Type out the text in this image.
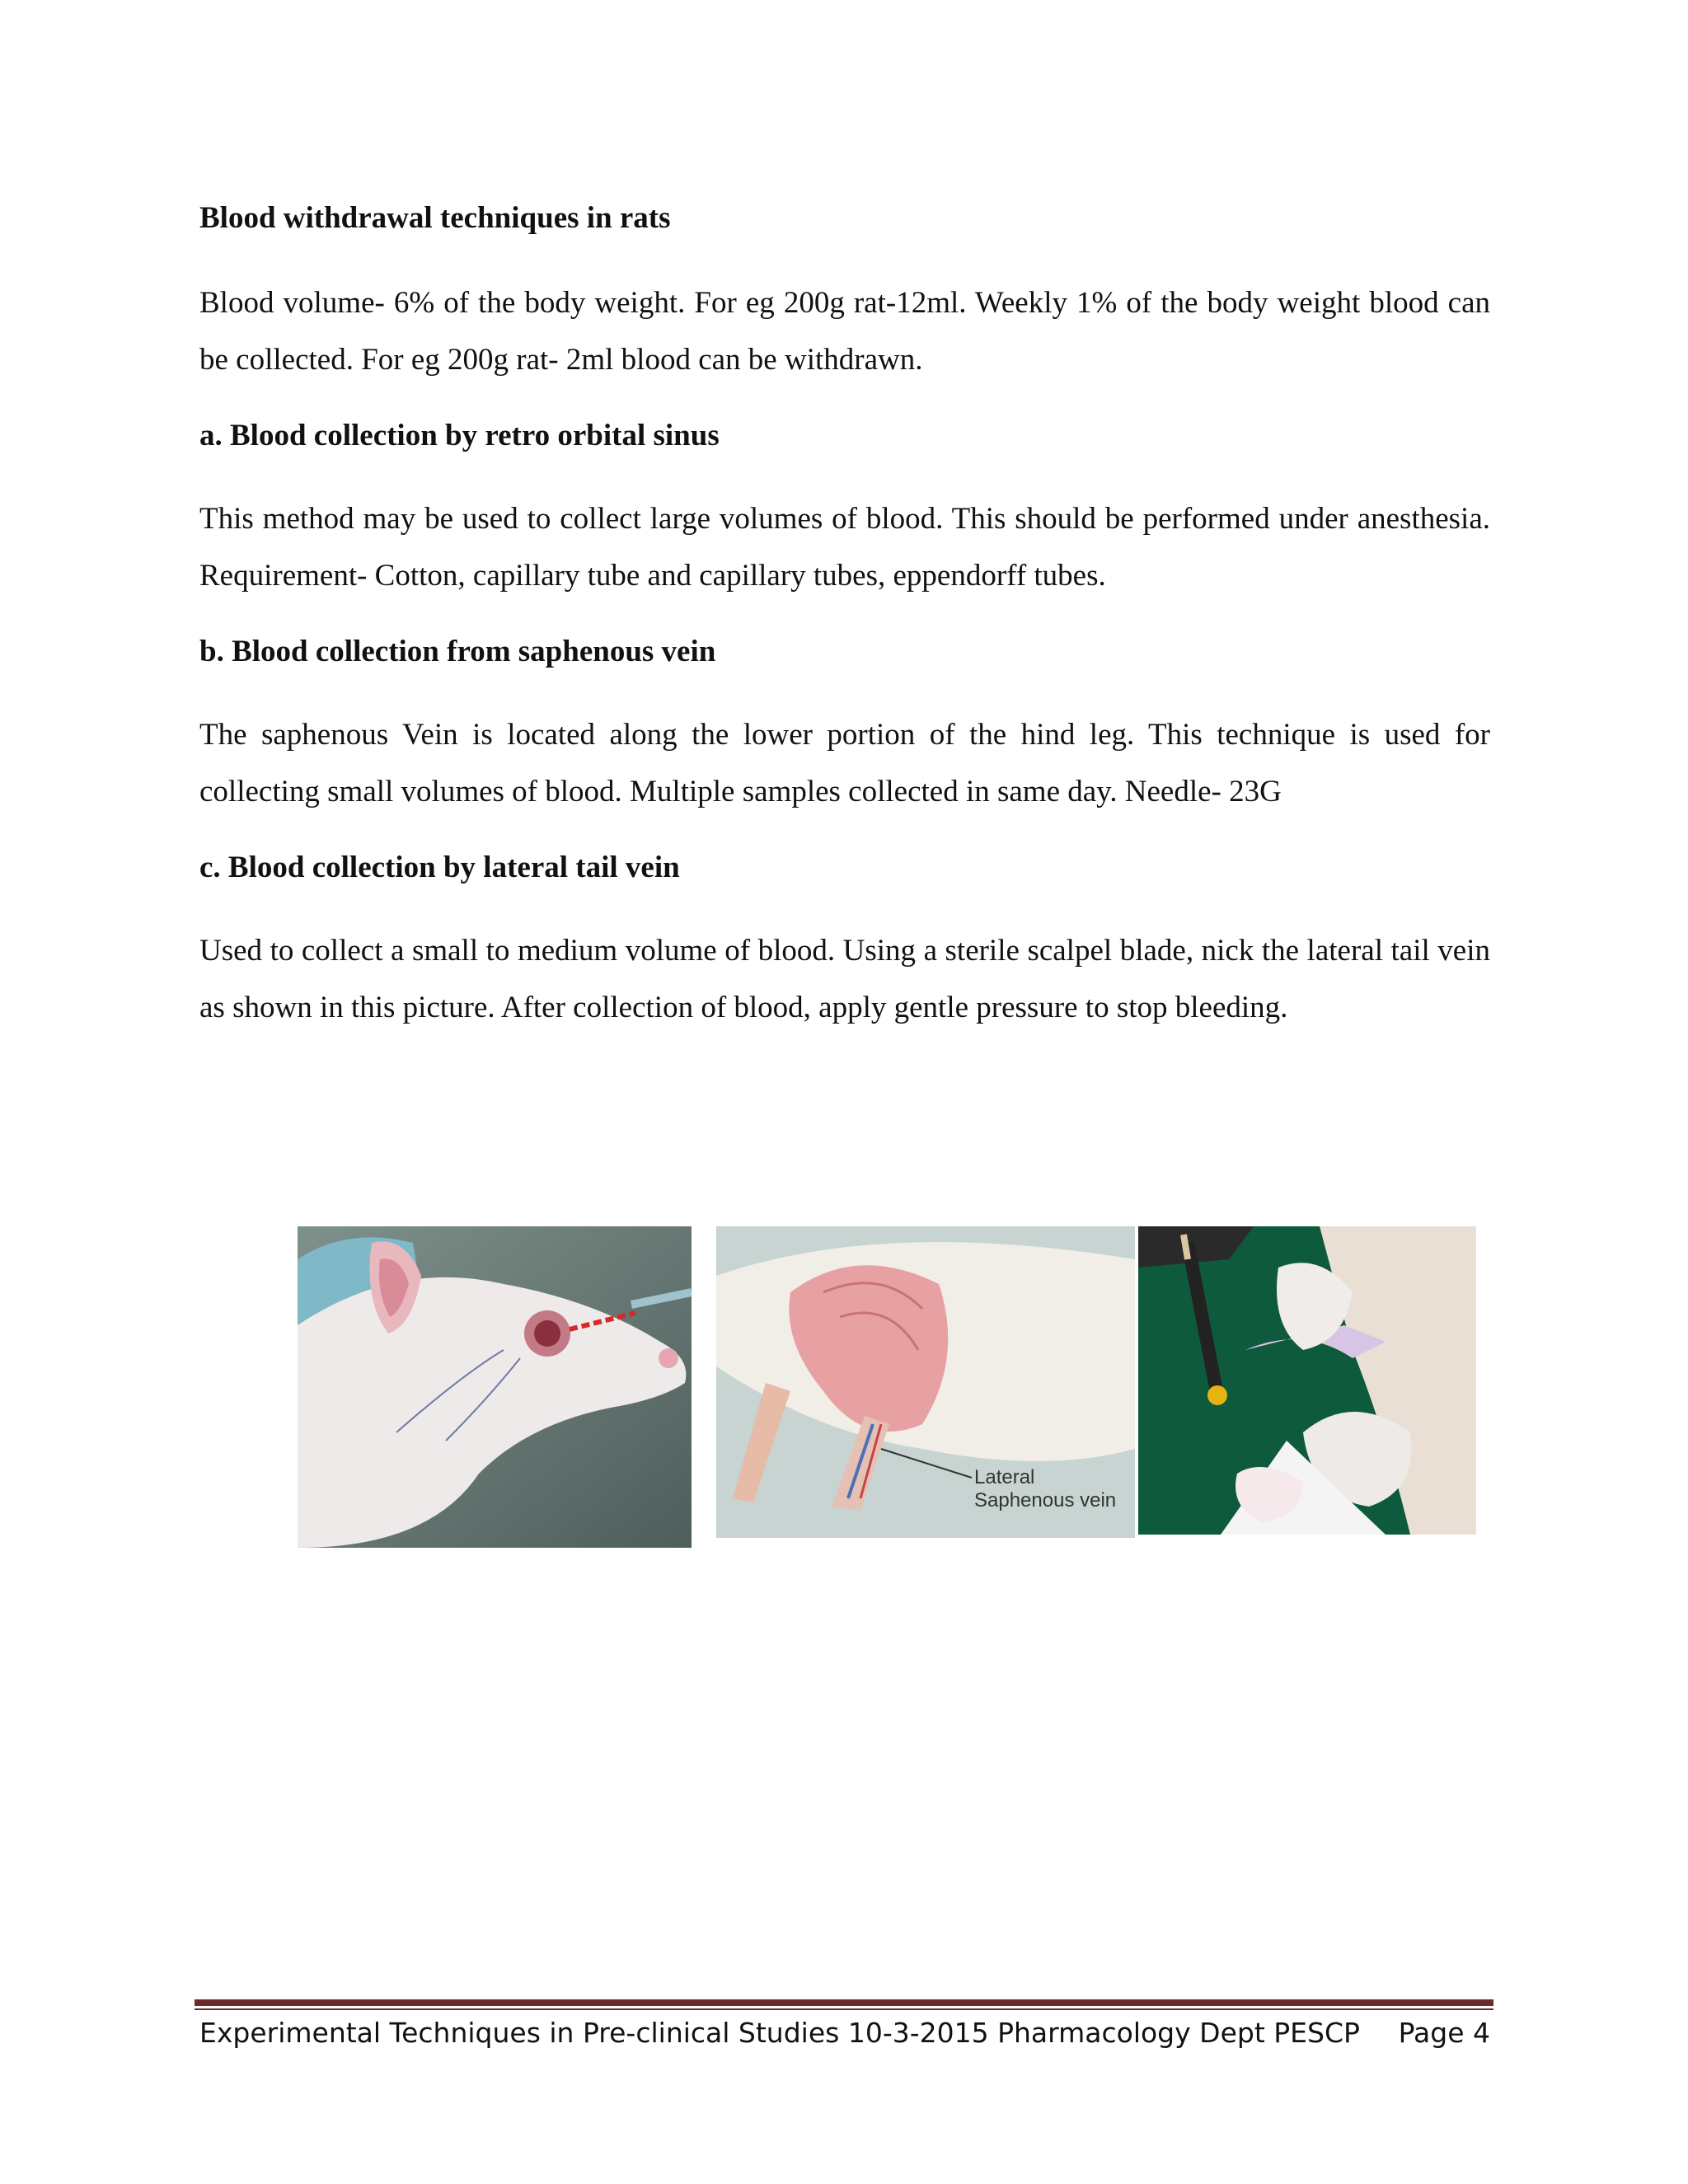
Blood withdrawal techniques in rats

Blood volume- 6% of the body weight. For eg 200g rat-12ml. Weekly 1% of the body weight blood can be collected. For eg 200g rat- 2ml blood can be withdrawn.

a. Blood collection by retro orbital sinus

This method may be used to collect large volumes of blood. This should be performed under anesthesia. Requirement- Cotton, capillary tube and capillary tubes, eppendorff tubes.

b. Blood collection from saphenous vein

The saphenous Vein is located along the lower portion of the hind leg. This technique is used for collecting small volumes of blood. Multiple samples collected in same day. Needle- 23G

c. Blood collection by lateral tail vein

Used to collect a small to medium volume of blood. Using a sterile scalpel blade, nick the lateral tail vein as shown in this picture. After collection of blood, apply gentle pressure to stop bleeding.

Lateral
Saphenous vein
Experimental Techniques in Pre-clinical Studies 10-3-2015 Pharmacology Dept PESCP Page 4
